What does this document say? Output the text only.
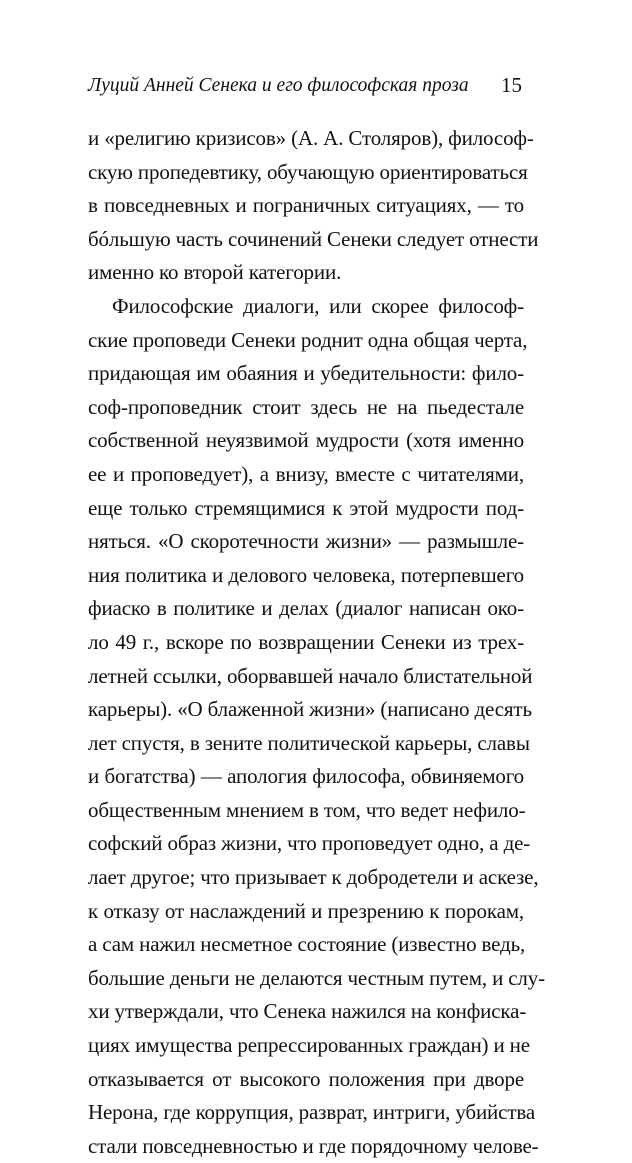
Луций Анней Сенека и его философская проза	15
и «религию кризисов» (А. А. Столяров), философ-
скую пропедевтику, обучающую ориентироваться
в повседневных и пограничных ситуациях, — то
бóльшую часть сочинений Сенеки следует отнести
именно ко второй категории.
Философские диалоги, или скорее философ-
ские проповеди Сенеки роднит одна общая черта,
придающая им обаяния и убедительности: фило-
соф-проповедник стоит здесь не на пьедестале
собственной неуязвимой мудрости (хотя именно
ее и проповедует), а внизу, вместе с читателями,
еще только стремящимися к этой мудрости под-
няться. «О скоротечности жизни» — размышле-
ния политика и делового человека, потерпевшего
фиаско в политике и делах (диалог написан око-
ло 49 г., вскоре по возвращении Сенеки из трех-
летней ссылки, оборвавшей начало блистательной
карьеры). «О блаженной жизни» (написано десять
лет спустя, в зените политической карьеры, славы
и богатства) — апология философа, обвиняемого
общественным мнением в том, что ведет нефило-
софский образ жизни, что проповедует одно, а де-
лает другое; что призывает к добродетели и аскезе,
к отказу от наслаждений и презрению к порокам,
а сам нажил несметное состояние (известно ведь,
большие деньги не делаются честным путем, и слу-
хи утверждали, что Сенека нажился на конфиска-
циях имущества репрессированных граждан) и не
отказывается от высокого положения при дворе
Нерона, где коррупция, разврат, интриги, убийства
стали повседневностью и где порядочному челове-
